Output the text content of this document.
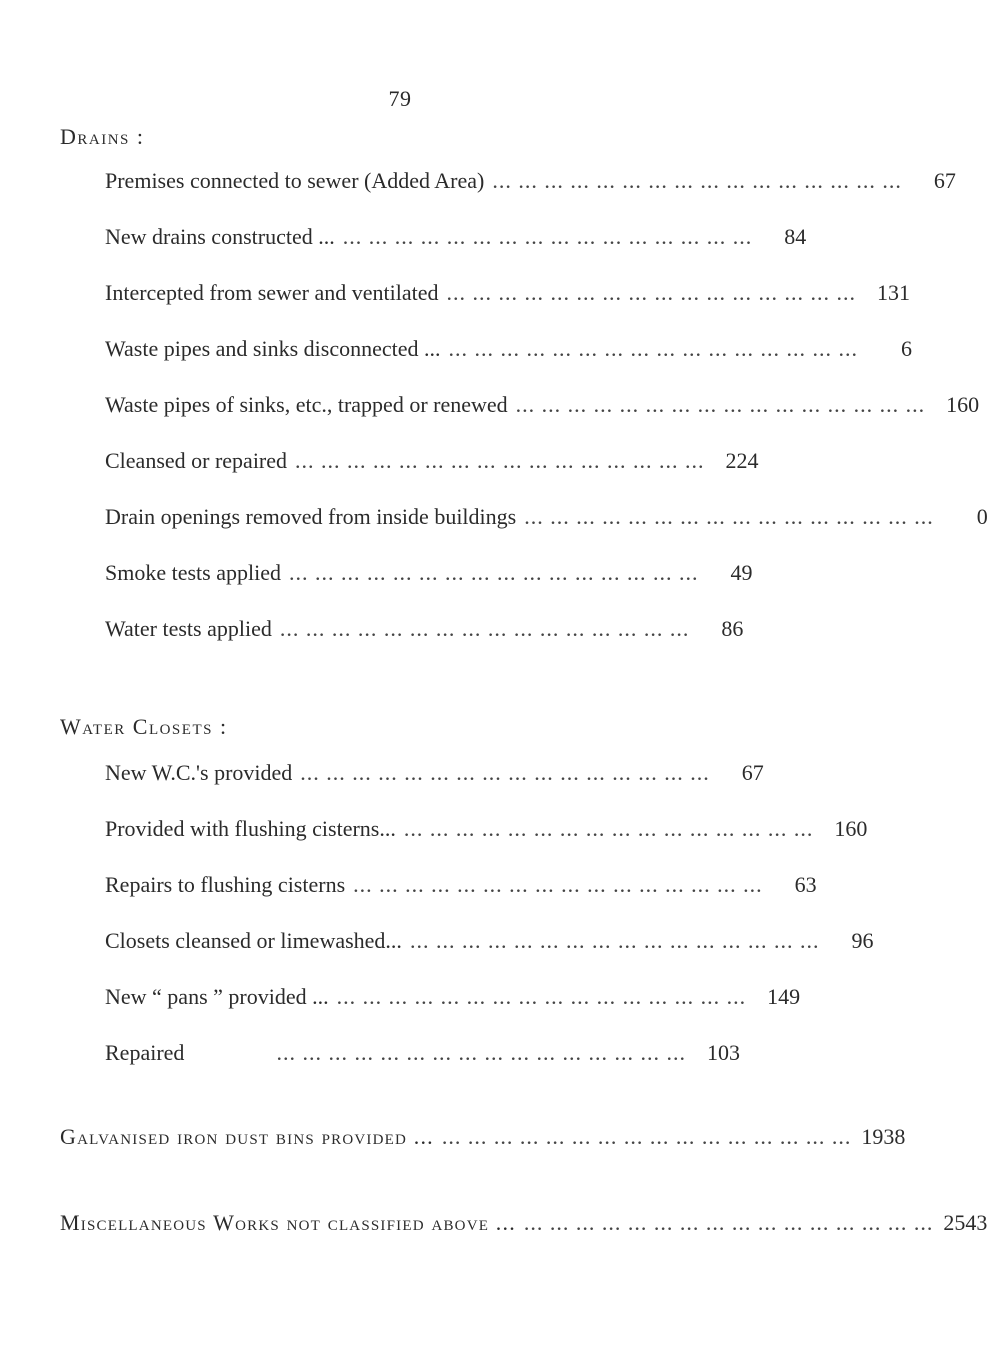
79
Drains :
Premises connected to sewer (Added Area) ... ... ... ... ... ... ... ... ... ... ... ... ... ... ... ...	67
New drains constructed ... ... ... ... ... ... ... ... ... ... ... ... ... ... ... ... ...	84
Intercepted from sewer and ventilated ... ... ... ... ... ... ... ... ... ... ... ... ... ... ... ... 131
Waste pipes and sinks disconnected ... ... ... ... ... ... ... ... ... ... ... ... ... ... ... ... ...	6
Waste pipes of sinks, etc., trapped or renewed ... ... ... ... ... ... ... ... ... ... ... ... ... ... ... ... 160
Cleansed or repaired ... ... ... ... ... ... ... ... ... ... ... ... ... ... ... ... 224
Drain openings removed from inside buildings ... ... ... ... ... ... ... ... ... ... ... ... ... ... ... ...	0
Smoke tests applied ... ... ... ... ... ... ... ... ... ... ... ... ... ... ... ...	49
Water tests applied ... ... ... ... ... ... ... ... ... ... ... ... ... ... ... ...	86
Water Closets :
New W.C.'s provided ... ... ... ... ... ... ... ... ... ... ... ... ... ... ... ...	67
Provided with flushing cisterns... ... ... ... ... ... ... ... ... ... ... ... ... ... ... ... ... 160
Repairs to flushing cisterns ... ... ... ... ... ... ... ... ... ... ... ... ... ... ... ...	63
Closets cleansed or limewashed... ... ... ... ... ... ... ... ... ... ... ... ... ... ... ... ...	96
New “ pans ” provided ... ... ... ... ... ... ... ... ... ... ... ... ... ... ... ... ... 149
Repaired	... ... ... ... ... ... ... ... ... ... ... ... ... ... ... ... 103
Galvanised iron dust bins provided ... ... ... ... ... ... ... ... ... ... ... ... ... ... ... ... ... 1938
Miscellaneous Works not classified above ... ... ... ... ... ... ... ... ... ... ... ... ... ... ... ... ... 2543
